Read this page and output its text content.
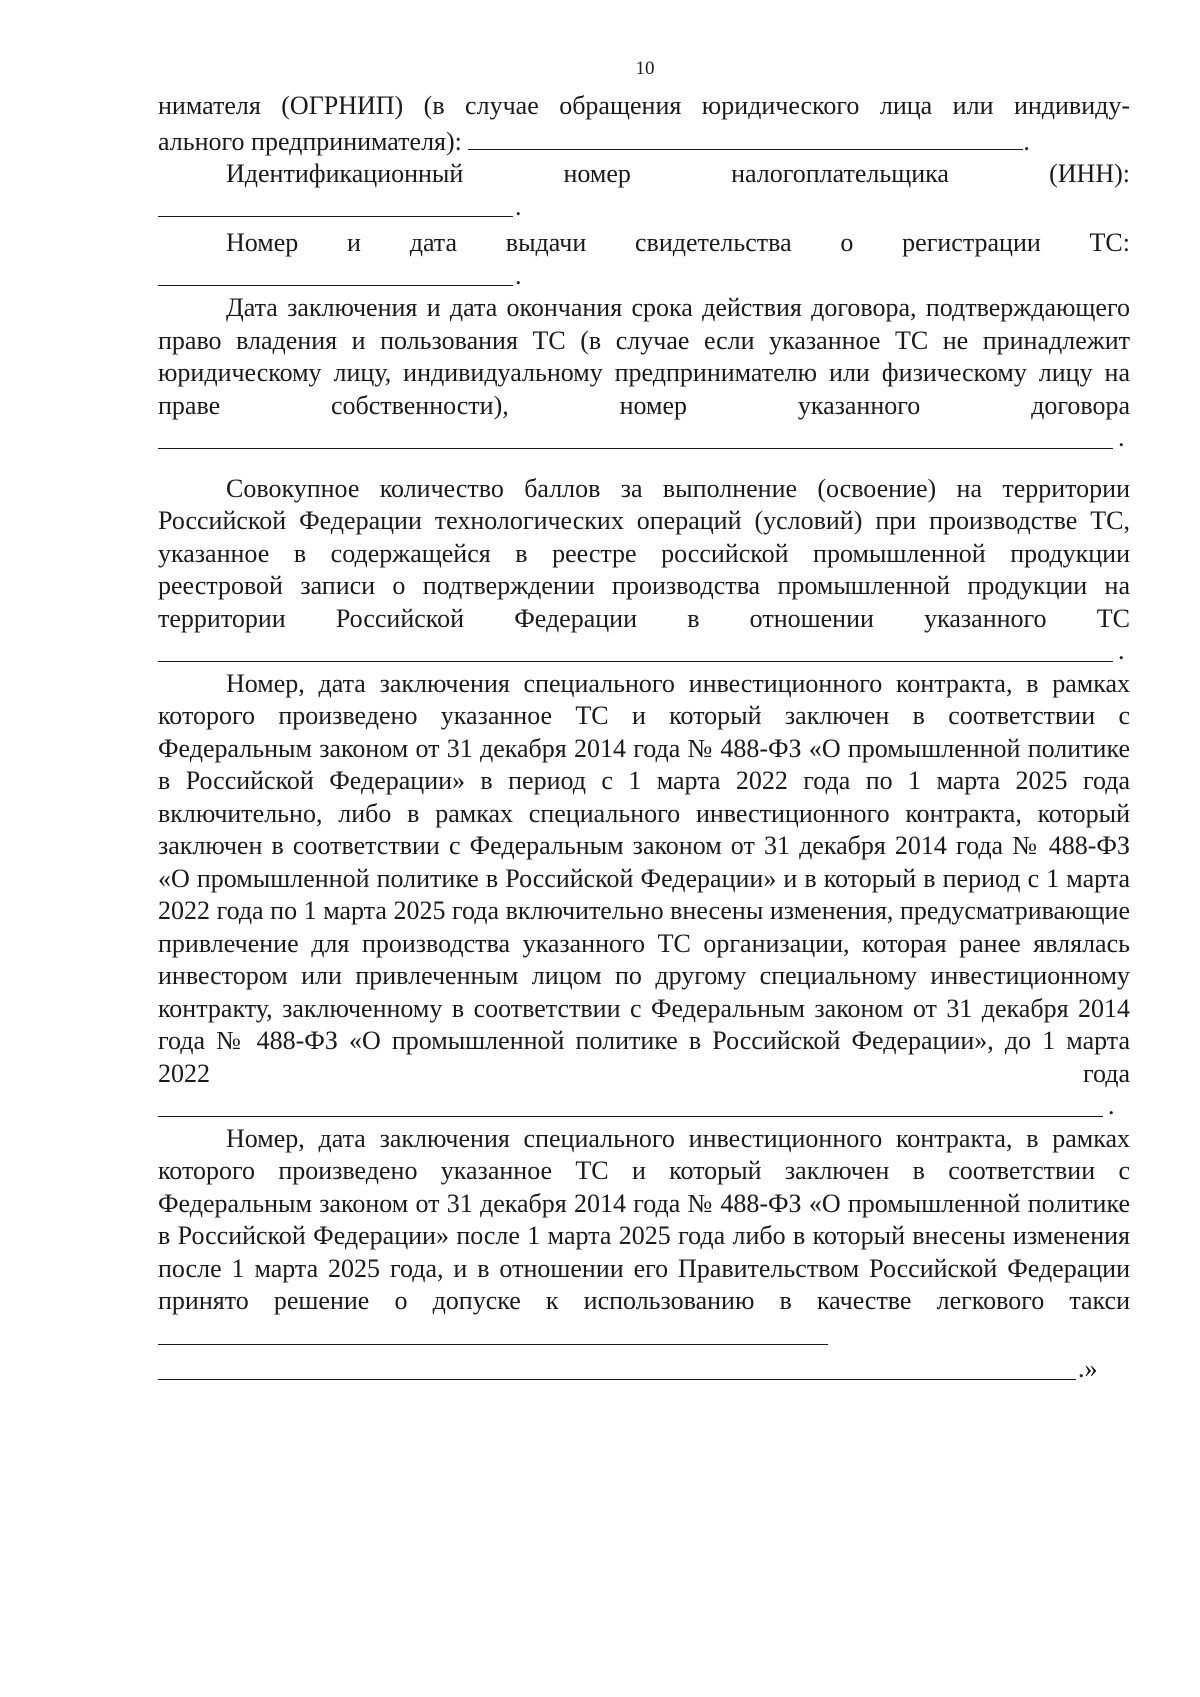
10

нимателя (ОГРНИП) (в случае обращения юридического лица или индивиду-

ального предпринимателя):	.

Идентификационный номер налогоплательщика (ИНН):

.

Номер и дата выдачи свидетельства о регистрации ТС:

.

Дата заключения и дата окончания срока действия договора, подтверждающего право владения и пользования ТС (в случае если указанное ТС не принадлежит юридическому лицу, индивидуальному предпринимателю или физическому лицу на праве собственности), номер указанного договора

.

Совокупное количество баллов за выполнение (освоение) на территории Российской Федерации технологических операций (условий) при производстве ТС, указанное в содержащейся в реестре российской промышленной продукции реестровой записи о подтверждении производства промышленной продукции на территории Российской Федерации в отношении указанного ТС

.

Номер, дата заключения специального инвестиционного контракта, в рамках которого произведено указанное ТС и который заключен в соответствии с Федеральным законом от 31 декабря 2014 года № 488-ФЗ «О промышленной политике в Российской Федерации» в период с 1 марта 2022 года по 1 марта 2025 года включительно, либо в рамках специального инвестиционного контракта, который заключен в соответствии с Федеральным законом от 31 декабря 2014 года № 488-ФЗ «О промышленной политике в Российской Федерации» и в который в период с 1 марта 2022 года по 1 марта 2025 года включительно внесены изменения, предусматривающие привлечение для производства указанного ТС организации, которая ранее являлась инвестором или привлеченным лицом по другому специальному инвестиционному контракту, заключенному в соответствии с Федеральным законом от 31 декабря 2014 года № 488-ФЗ «О промышленной политике в Российской Федерации», до 1 марта 2022 года

.

Номер, дата заключения специального инвестиционного контракта, в рамках которого произведено указанное ТС и который заключен в соответствии с Федеральным законом от 31 декабря 2014 года № 488-ФЗ «О промышленной политике в Российской Федерации» после 1 марта 2025 года либо в который внесены изменения после 1 марта 2025 года, и в отношении его Правительством Российской Федерации принято решение о допуске к использованию в качестве легкового такси

.»
